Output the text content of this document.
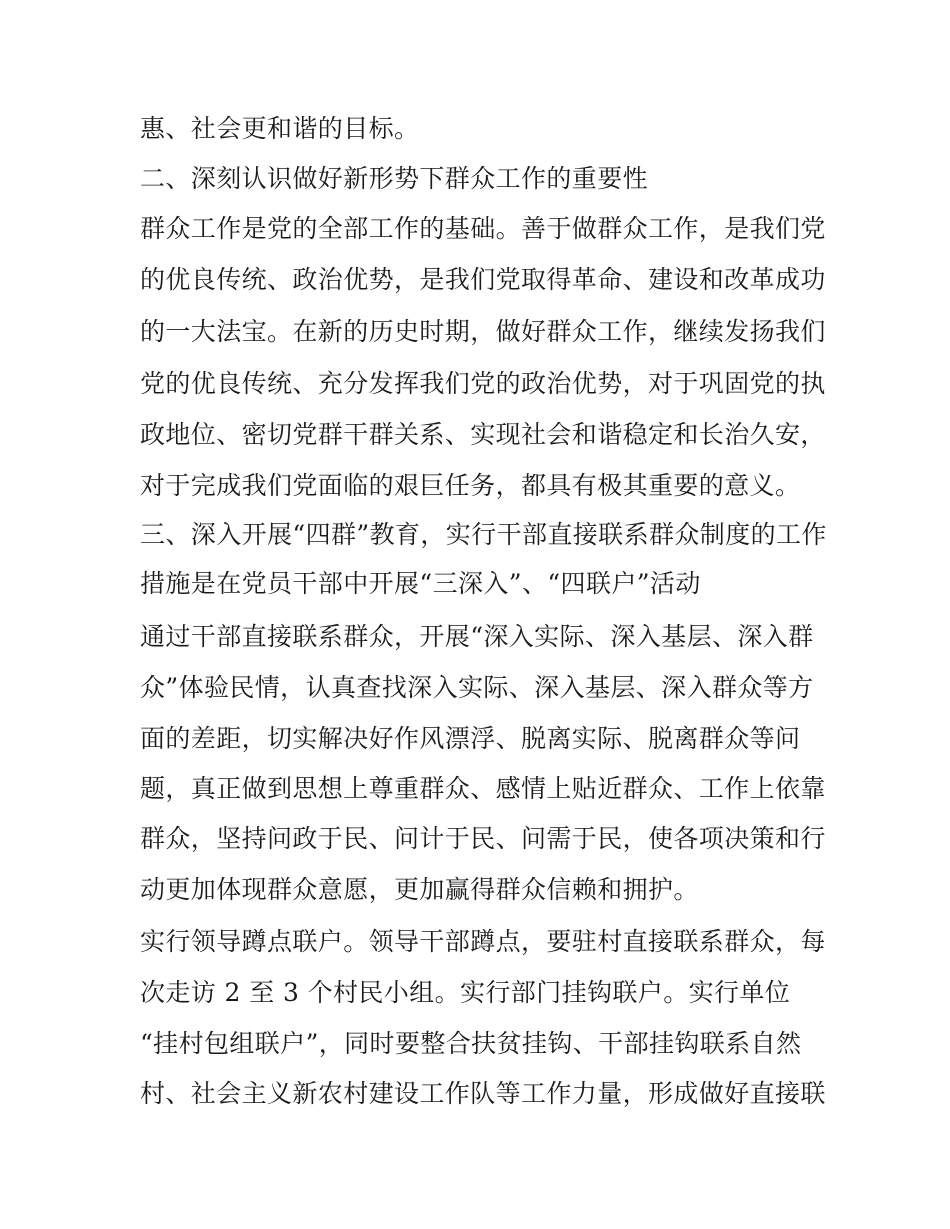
惠、社会更和谐的目标。
二、深刻认识做好新形势下群众工作的重要性
群众工作是党的全部工作的基础。善于做群众工作，是我们党
的优良传统、政治优势，是我们党取得革命、建设和改革成功
的一大法宝。在新的历史时期，做好群众工作，继续发扬我们
党的优良传统、充分发挥我们党的政治优势，对于巩固党的执
政地位、密切党群干群关系、实现社会和谐稳定和长治久安，
对于完成我们党面临的艰巨任务，都具有极其重要的意义。
三、深入开展“四群”教育，实行干部直接联系群众制度的工作
措施是在党员干部中开展“三深入”、“四联户”活动
通过干部直接联系群众，开展“深入实际、深入基层、深入群
众”体验民情，认真查找深入实际、深入基层、深入群众等方
面的差距，切实解决好作风漂浮、脱离实际、脱离群众等问
题，真正做到思想上尊重群众、感情上贴近群众、工作上依靠
群众，坚持问政于民、问计于民、问需于民，使各项决策和行
动更加体现群众意愿，更加赢得群众信赖和拥护。
实行领导蹲点联户。领导干部蹲点，要驻村直接联系群众，每
次走访 2 至 3 个村民小组。实行部门挂钩联户。实行单位
“挂村包组联户”，同时要整合扶贫挂钩、干部挂钩联系自然
村、社会主义新农村建设工作队等工作力量，形成做好直接联
